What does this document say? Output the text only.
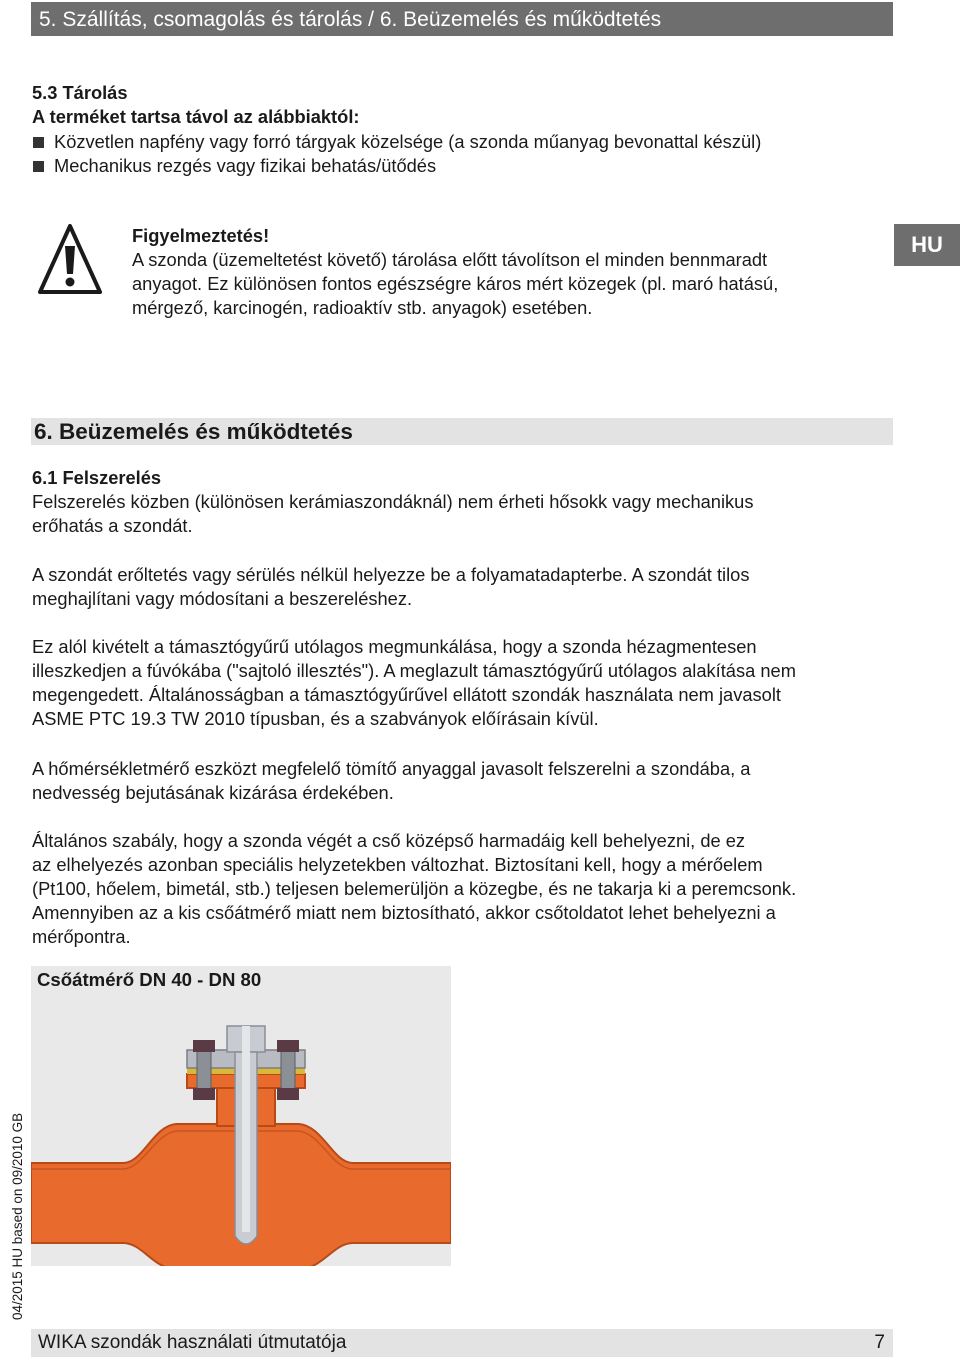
5. Szállítás, csomagolás és tárolás / 6. Beüzemelés és működtetés
5.3 Tárolás
A terméket tartsa távol az alábbiaktól:
Közvetlen napfény vagy forró tárgyak közelsége (a szonda műanyag bevonattal készül)
Mechanikus rezgés vagy fizikai behatás/ütődés
Figyelmeztetés!
A szonda (üzemeltetést követő) tárolása előtt távolítson el minden bennmaradt
anyagot. Ez különösen fontos egészségre káros mért közegek (pl. maró hatású,
mérgező, karcinogén, radioaktív stb. anyagok) esetében.
HU
6. Beüzemelés és működtetés
6.1 Felszerelés
Felszerelés közben (különösen kerámiaszondáknál) nem érheti hősokk vagy mechanikus
erőhatás a szondát.
A szondát erőltetés vagy sérülés nélkül helyezze be a folyamatadapterbe. A szondát tilos
meghajlítani vagy módosítani a beszereléshez.
Ez alól kivételt a támasztógyűrű utólagos megmunkálása, hogy a szonda hézagmentesen
illeszkedjen a fúvókába ("sajtoló illesztés"). A meglazult támasztógyűrű utólagos alakítása nem
megengedett. Általánosságban a támasztógyűrűvel ellátott szondák használata nem javasolt
ASME PTC 19.3 TW 2010 típusban, és a szabványok előírásain kívül.
A hőmérsékletmérő eszközt megfelelő tömítő anyaggal javasolt felszerelni a szondába, a
nedvesség bejutásának kizárása érdekében.
Általános szabály, hogy a szonda végét a cső középső harmadáig kell behelyezni, de ez
az elhelyezés azonban speciális helyzetekben változhat. Biztosítani kell, hogy a mérőelem
(Pt100, hőelem, bimetál, stb.) teljesen belemerüljön a közegbe, és ne takarja ki a peremcsonk.
Amennyiben az a kis csőátmérő miatt nem biztosítható, akkor csőtoldatot lehet behelyezni a
mérőpontra.
Csőátmérő DN 40 - DN 80
04/2015 HU based on 09/2010 GB
WIKA szondák használati útmutatója	7
